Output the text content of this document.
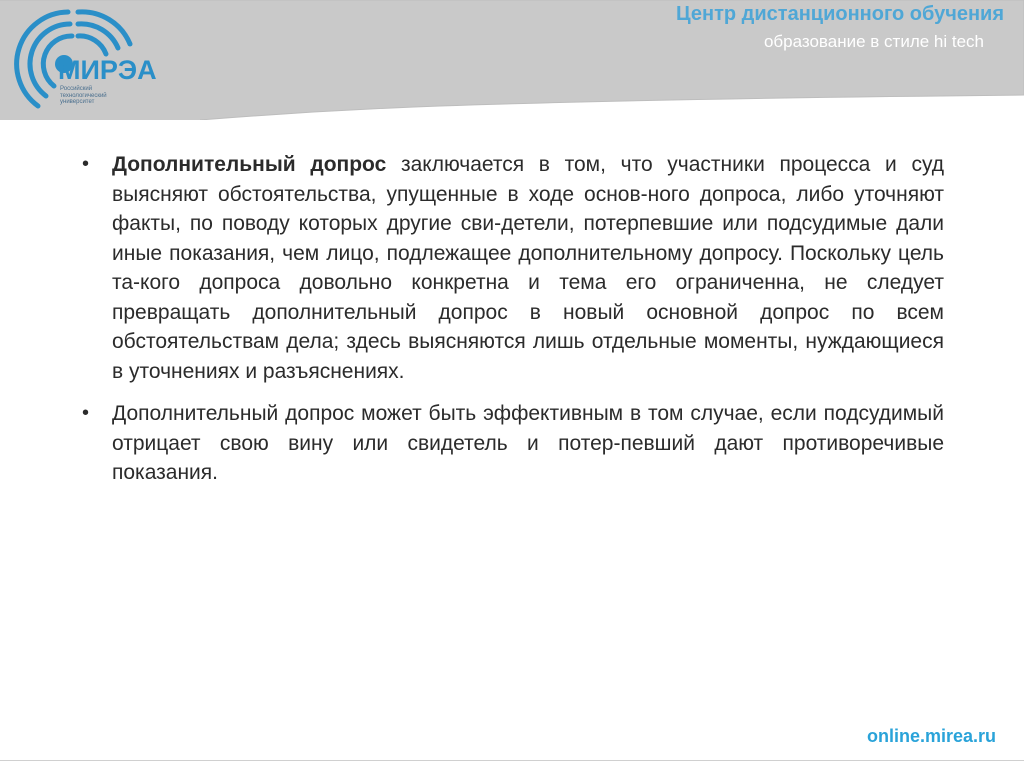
МИРЭА
Российский
технологический
университет
Центр дистанционного обучения
образование в стиле hi tech
•	Дополнительный допрос заключается в том, что участники процесса и суд выясняют обстоятельства, упущенные в ходе основ-ного допроса, либо уточняют факты, по поводу которых другие сви-детели, потерпевшие или подсудимые дали иные показания, чем лицо, подлежащее дополнительному допросу. Поскольку цель та-кого допроса довольно конкретна и тема его ограниченна, не следует превращать дополнительный допрос в новый основной допрос по всем обстоятельствам дела; здесь выясняются лишь отдельные моменты, нуждающиеся в уточнениях и разъяснениях.
•	Дополнительный допрос может быть эффективным в том случае, если подсудимый отрицает свою вину или свидетель и потер-певший дают противоречивые показания.
online.mirea.ru
